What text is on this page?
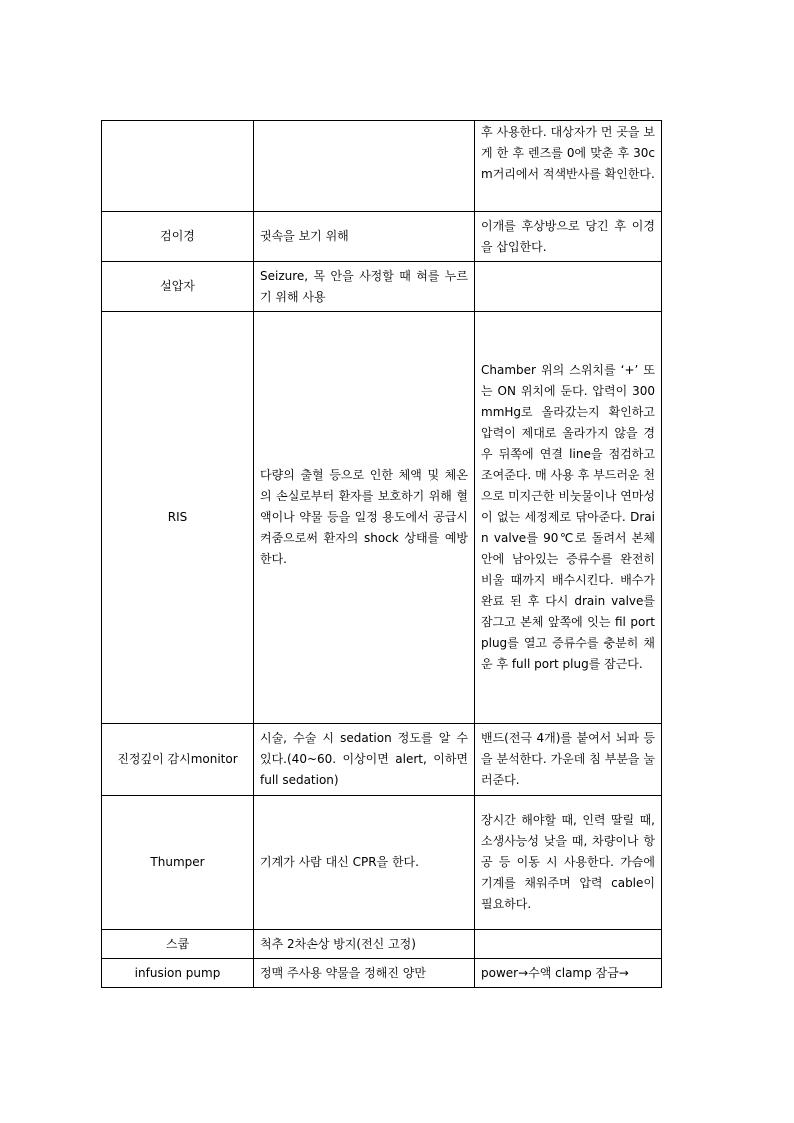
		후 사용한다. 대상자가 먼 곳을 보게 한 후 렌즈를 0에 맞춘 후 30cm거리에서 적색반사를 확인한다.
검이경	귓속을 보기 위해	이개를 후상방으로 당긴 후 이경을 삽입한다.
설압자	Seizure, 목 안을 사정할 때 혀를 누르기 위해 사용	
RIS	다량의 출혈 등으로 인한 체액 및 체온의 손실로부터 환자를 보호하기 위해 혈액이나 약물 등을 일정 용도에서 공급시켜줌으로써 환자의 shock 상태를 예방한다.	Chamber 위의 스위치를 ‘+’ 또는 ON 위치에 둔다. 압력이 300mmHg로 올라갔는지 확인하고 압력이 제대로 올라가지 않을 경우 뒤쪽에 연결 line을 점검하고 조여준다. 매 사용 후 부드러운 천으로 미지근한 비눗물이나 연마성이 없는 세정제로 닦아준다. Drain valve를 90℃로 돌려서 본체 안에 남아있는 증류수를 완전히 비울 때까지 배수시킨다. 배수가 완료 된 후 다시 drain valve를 잠그고 본체 앞쪽에 잇는 fil port plug를 열고 증류수를 충분히 채운 후 full port plug를 잠근다.
진정깊이 감시monitor	시술, 수술 시 sedation 정도를 알 수 있다.(40~60. 이상이면 alert, 이하면 full sedation)	밴드(전극 4개)를 붙여서 뇌파 등을 분석한다. 가운데 침 부분을 눌러준다.
Thumper	기계가 사람 대신 CPR을 한다.	장시간 해야할 때, 인력 딸릴 때, 소생사능성 낮을 때, 차량이나 항공 등 이동 시 사용한다. 가슴에 기계를 채워주며 압력 cable이 필요하다.
스쿱	척추 2차손상 방지(전신 고정)	
infusion pump	정맥 주사용 약물을 정해진 양만	power→수액 clamp 잠금→
